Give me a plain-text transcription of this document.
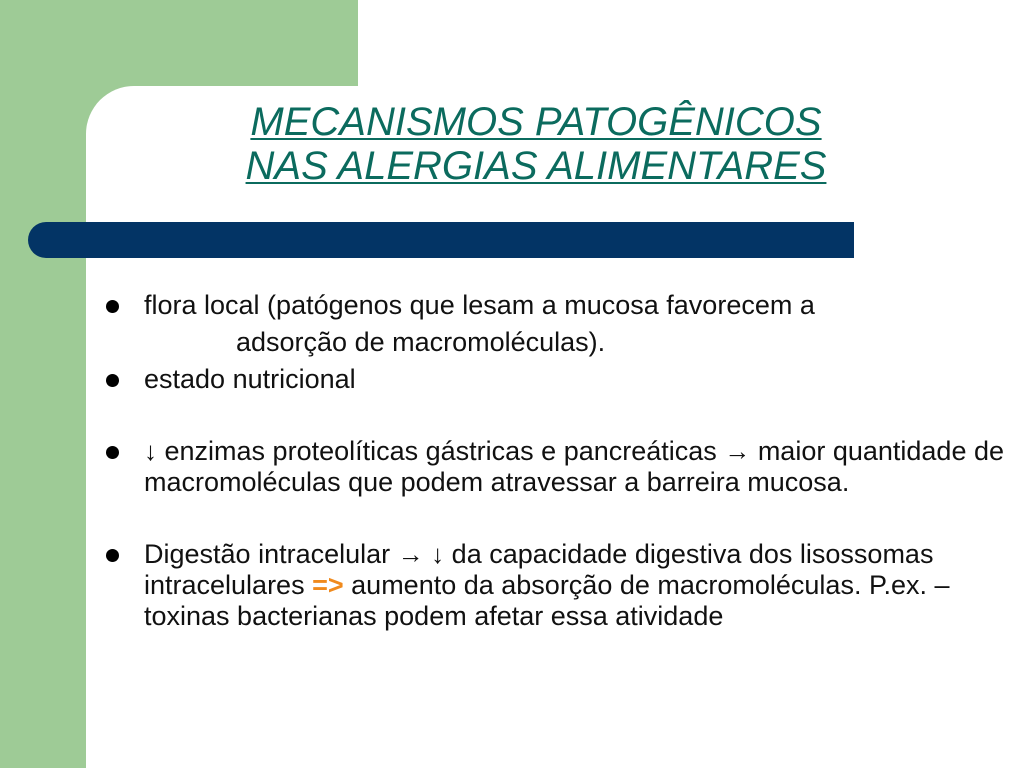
MECANISMOS PATOGÊNICOS
NAS ALERGIAS ALIMENTARES
flora local (patógenos que lesam a mucosa favorecem a
adsorção de macromoléculas).
estado nutricional
↓ enzimas proteolíticas gástricas e pancreáticas → maior quantidade de macromoléculas que podem atravessar a barreira mucosa.
Digestão intracelular → ↓ da capacidade digestiva dos lisossomas intracelulares => aumento da absorção de macromoléculas. P.ex. – toxinas bacterianas podem afetar essa atividade
